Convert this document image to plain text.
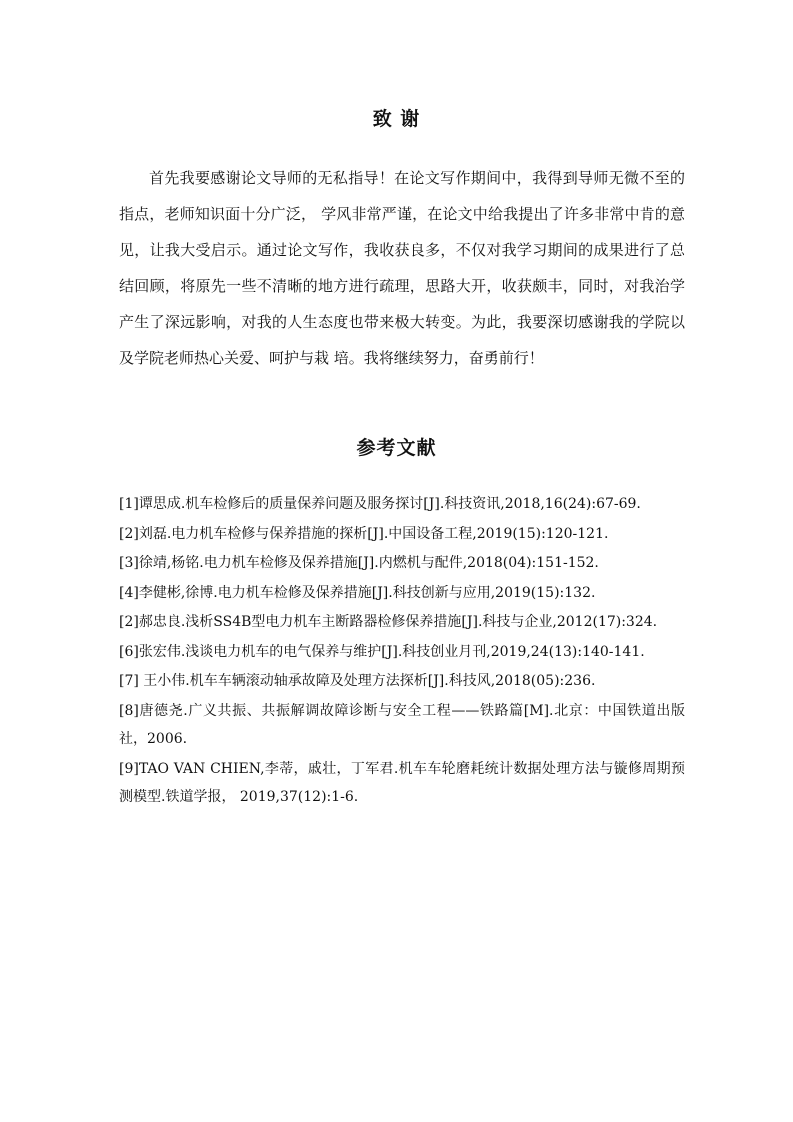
致 谢

首先我要感谢论文导师的无私指导！在论文写作期间中，我得到导师无微不至的指点，老师知识面十分广泛， 学风非常严谨，在论文中给我提出了许多非常中肯的意见，让我大受启示。通过论文写作，我收获良多，不仅对我学习期间的成果进行了总结回顾，将原先一些不清晰的地方进行疏理，思路大开，收获颇丰，同时，对我治学产生了深远影响，对我的人生态度也带来极大转变。为此，我要深切感谢我的学院以及学院老师热心关爱、呵护与栽 培。我将继续努力，奋勇前行！

参考文献
[1]谭思成.机车检修后的质量保养问题及服务探讨[J].科技资讯,2018,16(24):67-69.
[2]刘磊.电力机车检修与保养措施的探析[J].中国设备工程,2019(15):120-121.
[3]徐靖,杨铭.电力机车检修及保养措施[J].内燃机与配件,2018(04):151-152.
[4]李健彬,徐博.电力机车检修及保养措施[J].科技创新与应用,2019(15):132.
[2]郝忠良.浅析SS4B型电力机车主断路器检修保养措施[J].科技与企业,2012(17):324.
[6]张宏伟.浅谈电力机车的电气保养与维护[J].科技创业月刊,2019,24(13):140-141.
[7] 王小伟.机车车辆滚动轴承故障及处理方法探析[J].科技风,2018(05):236.
[8]唐德尧.广义共振、共振解调故障诊断与安全工程——铁路篇[M].北京：中国铁道出版社，2006.
[9]TAO VAN CHIEN,李蒂，戚壮，丁军君.机车车轮磨耗统计数据处理方法与镟修周期预测模型.铁道学报， 2019,37(12):1-6.
